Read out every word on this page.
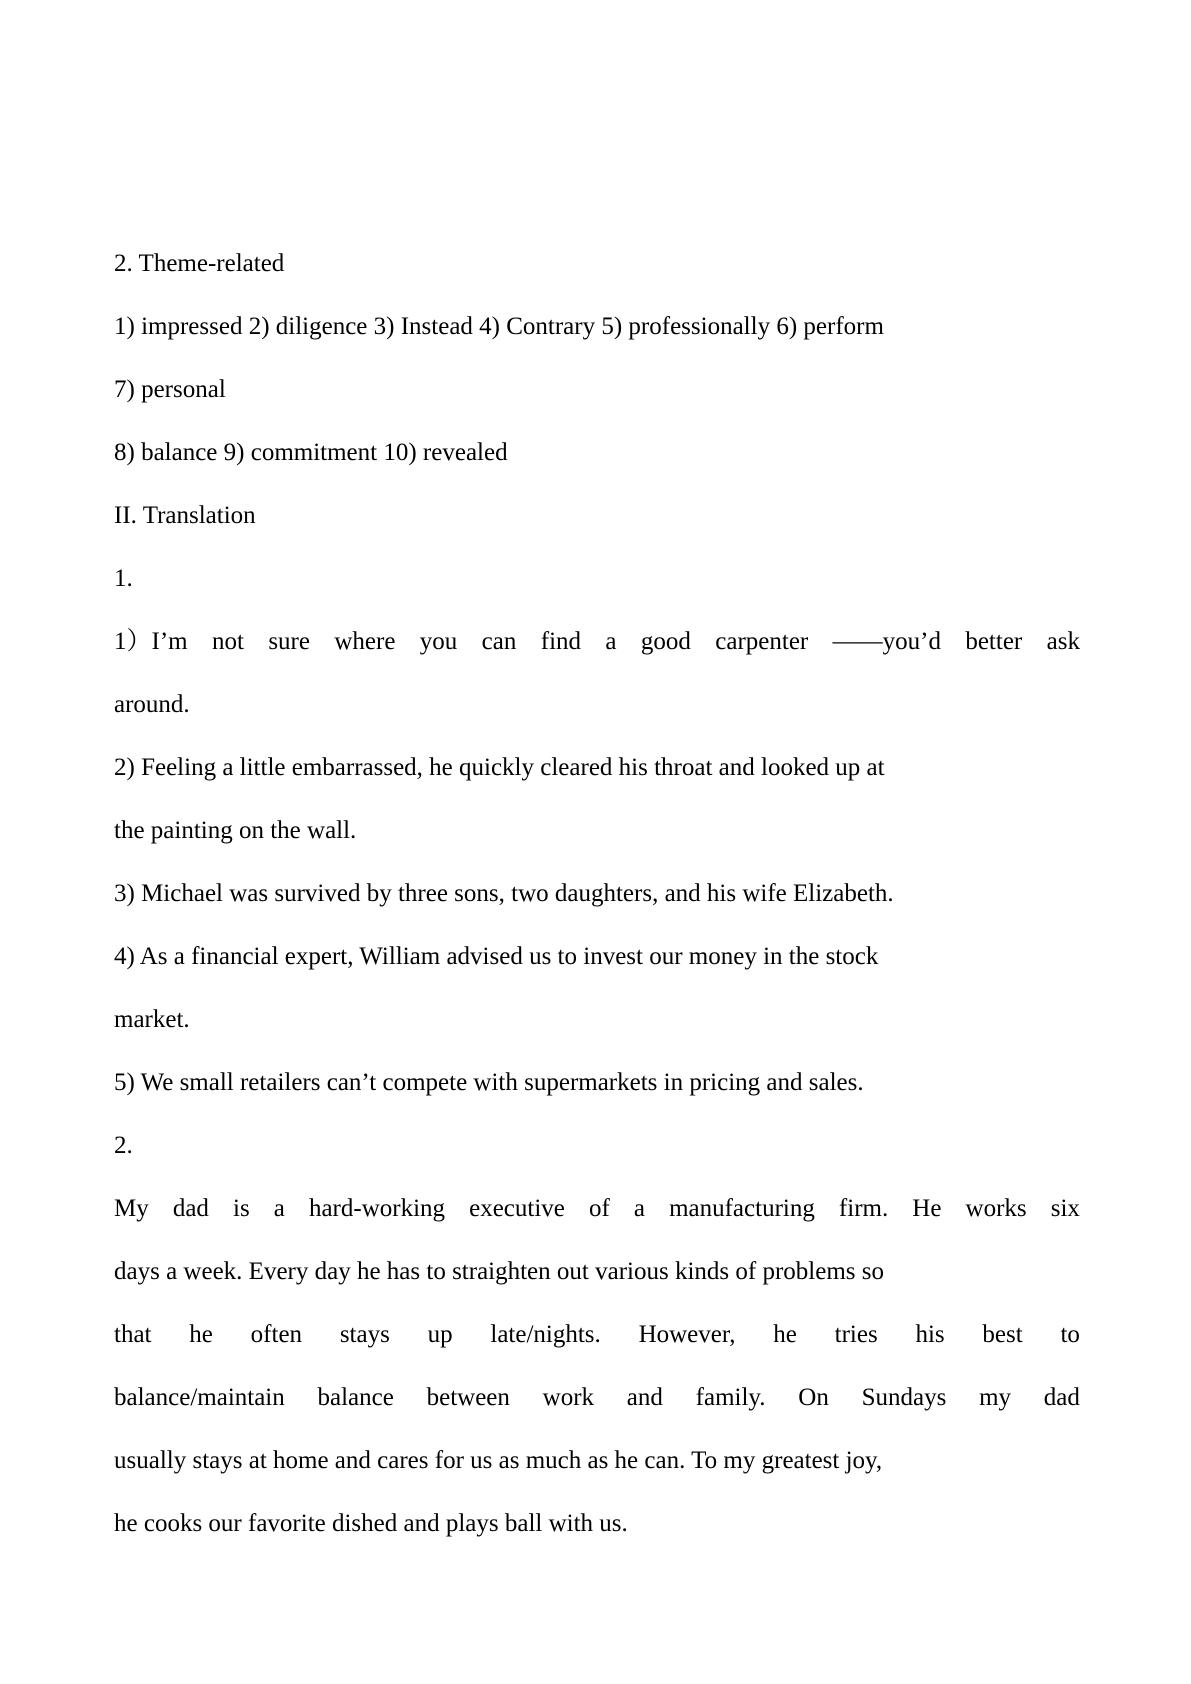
2. Theme-related
1) impressed 2) diligence 3) Instead 4) Contrary 5) professionally 6) perform
7) personal
8) balance 9) commitment 10) revealed
II. Translation
1.
1）I’m not sure where you can find a good carpenter ——you’d better ask
around.
2) Feeling a little embarrassed, he quickly cleared his throat and looked up at
the painting on the wall.
3) Michael was survived by three sons, two daughters, and his wife Elizabeth.
4) As a financial expert, William advised us to invest our money in the stock
market.
5) We small retailers can’t compete with supermarkets in pricing and sales.
2.
My dad is a hard-working executive of a manufacturing firm. He works six
days a week. Every day he has to straighten out various kinds of problems so
that he often stays up late/nights. However, he tries his best to
balance/maintain balance between work and family. On Sundays my dad
usually stays at home and cares for us as much as he can. To my greatest joy,
he cooks our favorite dished and plays ball with us.
